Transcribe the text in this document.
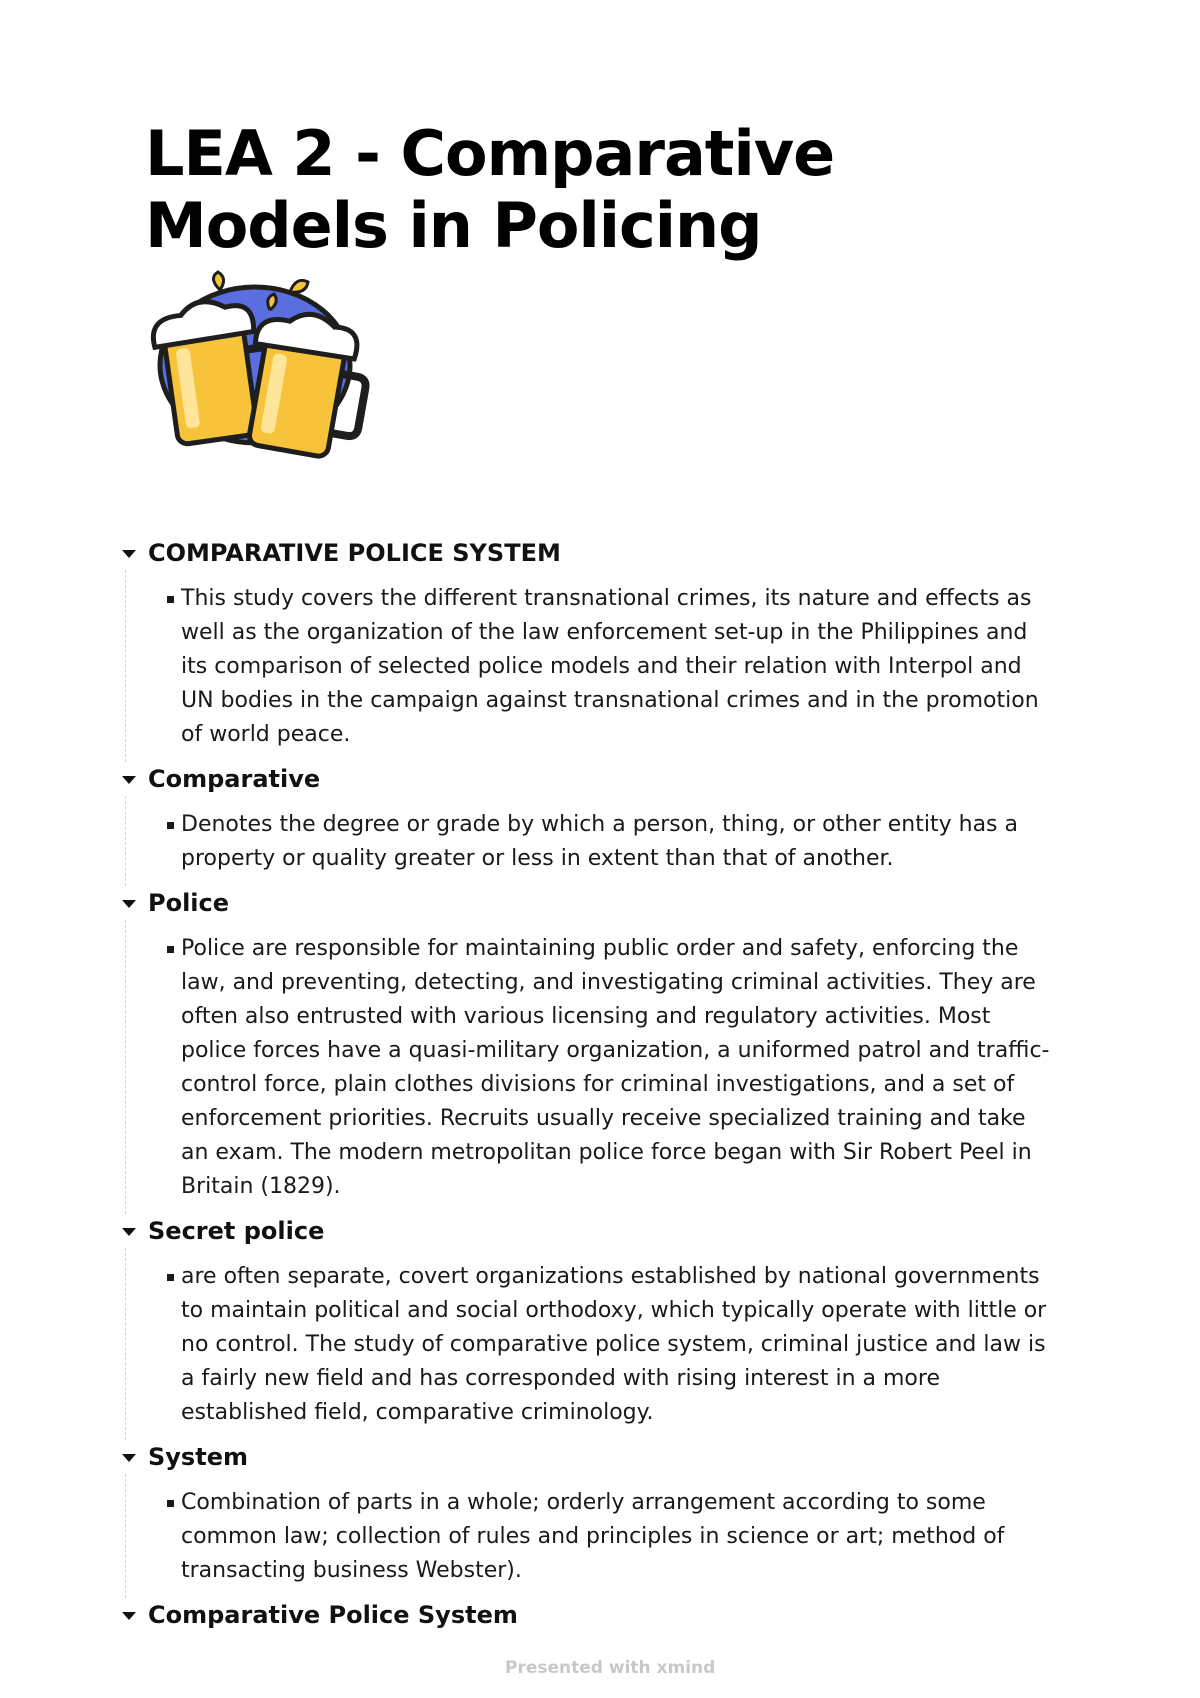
LEA 2 - Comparative Models in Policing
COMPARATIVE POLICE SYSTEM
This study covers the different transnational crimes, its nature and effects as well as the organization of the law enforcement set-up in the Philippines and its comparison of selected police models and their relation with Interpol and UN bodies in the campaign against transnational crimes and in the promotion of world peace.
Comparative
Denotes the degree or grade by which a person, thing, or other entity has a property or quality greater or less in extent than that of another.
Police
Police are responsible for maintaining public order and safety, enforcing the law, and preventing, detecting, and investigating criminal activities. They are often also entrusted with various licensing and regulatory activities. Most police forces have a quasi-military organization, a uniformed patrol and traffic-control force, plain clothes divisions for criminal investigations, and a set of enforcement priorities. Recruits usually receive specialized training and take an exam. The modern metropolitan police force began with Sir Robert Peel in Britain (1829).
Secret police
are often separate, covert organizations established by national governments to maintain political and social orthodoxy, which typically operate with little or no control. The study of comparative police system, criminal justice and law is a fairly new field and has corresponded with rising interest in a more established field, comparative criminology.
System
Combination of parts in a whole; orderly arrangement according to some common law; collection of rules and principles in science or art; method of transacting business Webster).
Comparative Police System
Presented with xmind
